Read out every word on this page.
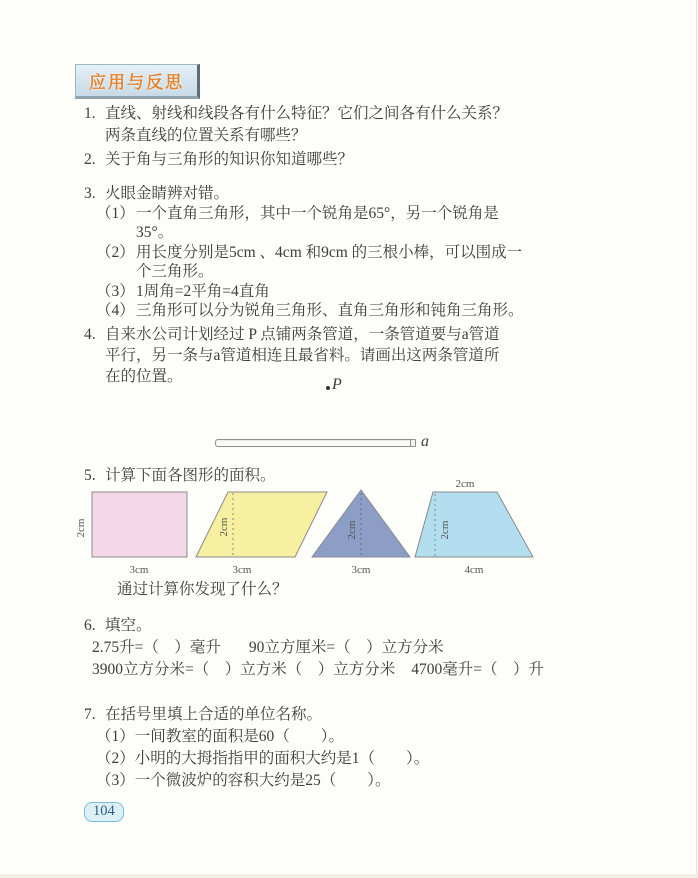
应用与反思
1. 直线、射线和线段各有什么特征？它们之间各有什么关系？
两条直线的位置关系有哪些？
2. 关于角与三角形的知识你知道哪些？
3. 火眼金睛辨对错。
（1） 一个直角三角形，其中一个锐角是65°，另一个锐角是
35°。
（2） 用长度分别是5cm 、4cm 和9cm 的三根小棒，可以围成一
个三角形。
（3） 1周角=2平角=4直角
（4） 三角形可以分为锐角三角形、直角三角形和钝角三角形。
4. 自来水公司计划经过 P 点铺两条管道，一条管道要与a管道
平行，另一条与a管道相连且最省料。请画出这两条管道所
在的位置。	P
a
5. 计算下面各图形的面积。
2cm
3cm
2cm
3cm
2cm
3cm
2cm
2cm
4cm
通过计算你发现了什么？
6. 填空。
2.75升=（　）毫升 90立方厘米=（　）立方分米
3900立方分米=（　）立方米（　）立方分米 4700毫升=（　）升
7. 在括号里填上合适的单位名称。
（1）一间教室的面积是60（　　）。
（2）小明的大拇指指甲的面积大约是1（　　）。
（3）一个微波炉的容积大约是25（　　）。
104
